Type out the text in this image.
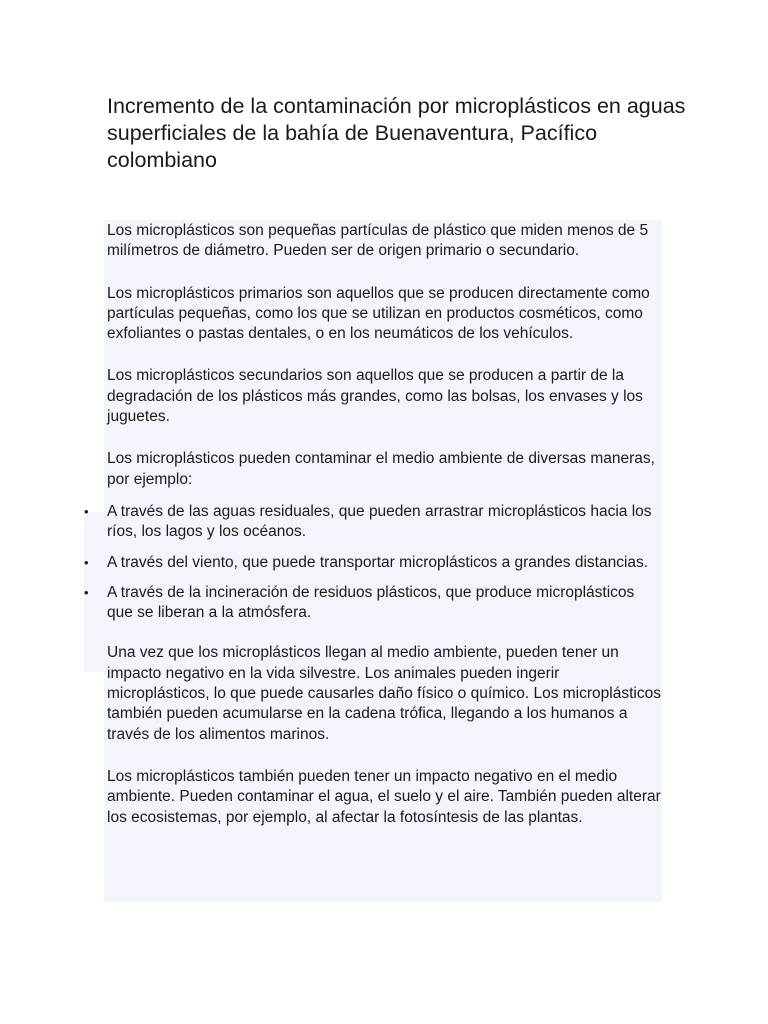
Incremento de la contaminación por microplásticos en aguas superficiales de la bahía de Buenaventura, Pacífico colombiano

Los microplásticos son pequeñas partículas de plástico que miden menos de 5 milímetros de diámetro. Pueden ser de origen primario o secundario.

Los microplásticos primarios son aquellos que se producen directamente como partículas pequeñas, como los que se utilizan en productos cosméticos, como exfoliantes o pastas dentales, o en los neumáticos de los vehículos.

Los microplásticos secundarios son aquellos que se producen a partir de la degradación de los plásticos más grandes, como las bolsas, los envases y los juguetes.

Los microplásticos pueden contaminar el medio ambiente de diversas maneras, por ejemplo:

• A través de las aguas residuales, que pueden arrastrar microplásticos hacia los ríos, los lagos y los océanos.
• A través del viento, que puede transportar microplásticos a grandes distancias.
• A través de la incineración de residuos plásticos, que produce microplásticos que se liberan a la atmósfera.

Una vez que los microplásticos llegan al medio ambiente, pueden tener un impacto negativo en la vida silvestre. Los animales pueden ingerir microplásticos, lo que puede causarles daño físico o químico. Los microplásticos también pueden acumularse en la cadena trófica, llegando a los humanos a través de los alimentos marinos.

Los microplásticos también pueden tener un impacto negativo en el medio ambiente. Pueden contaminar el agua, el suelo y el aire. También pueden alterar los ecosistemas, por ejemplo, al afectar la fotosíntesis de las plantas.
